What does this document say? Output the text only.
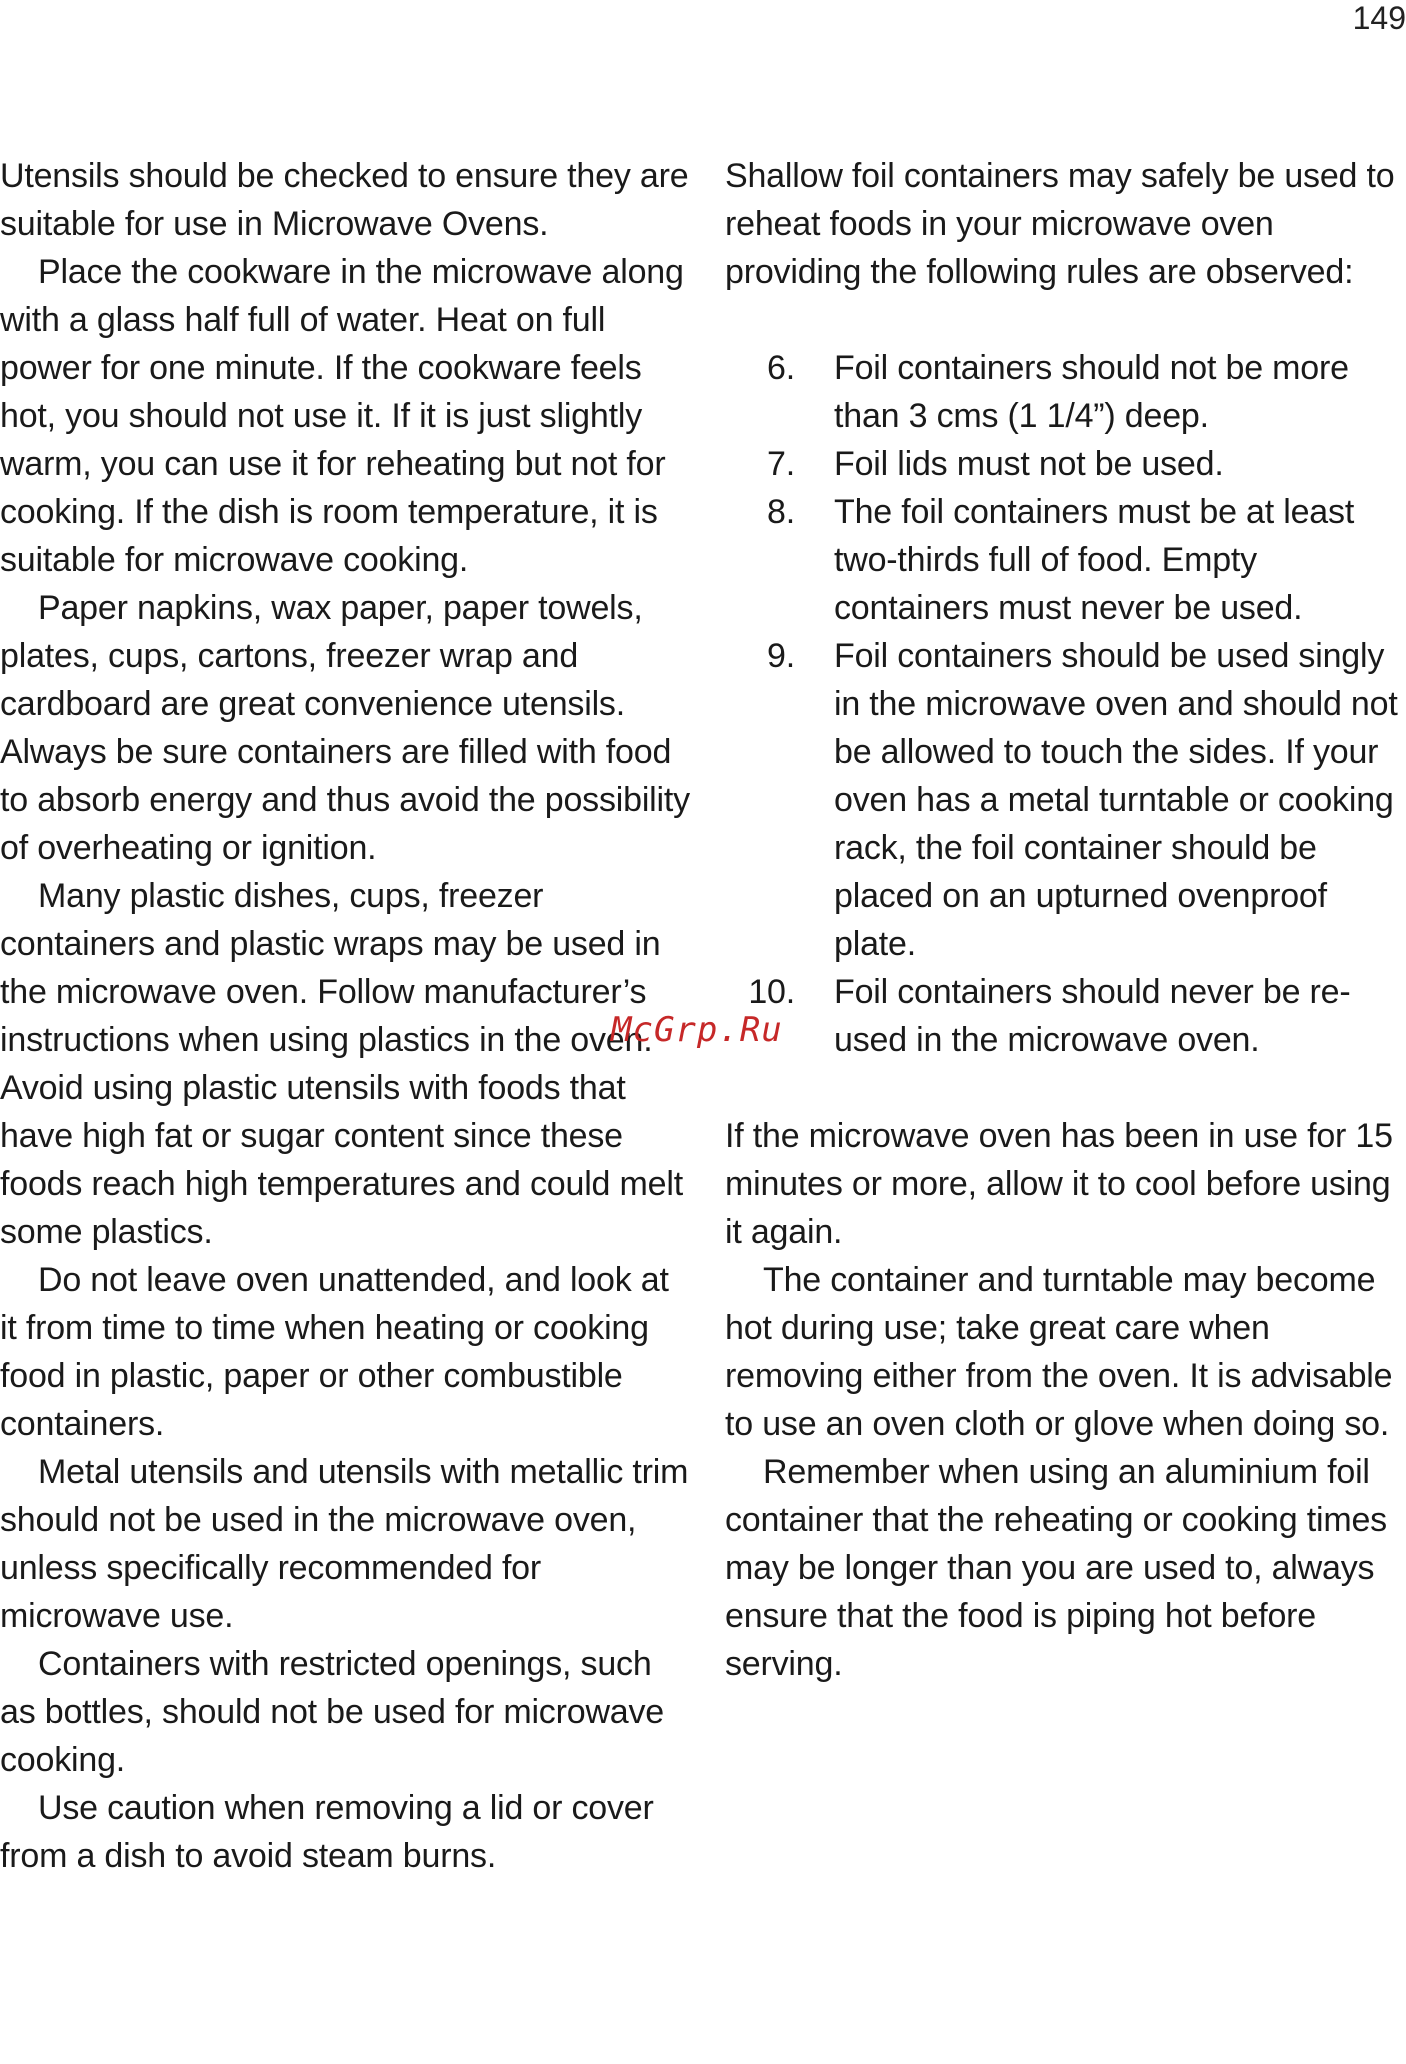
149

Utensils should be checked to ensure they are suitable for use in Microwave Ovens.

Place the cookware in the microwave along with a glass half full of water. Heat on full power for one minute. If the cookware feels hot, you should not use it. If it is just slightly warm, you can use it for reheating but not for cooking. If the dish is room temperature, it is suitable for microwave cooking.

Paper napkins, wax paper, paper towels, plates, cups, cartons, freezer wrap and cardboard are great convenience utensils. Always be sure containers are filled with food to absorb energy and thus avoid the possibility of overheating or ignition.

Many plastic dishes, cups, freezer containers and plastic wraps may be used in the microwave oven. Follow manufacturer’s instructions when using plastics in the oven. Avoid using plastic utensils with foods that have high fat or sugar content since these foods reach high temperatures and could melt some plastics.

Do not leave oven unattended, and look at it from time to time when heating or cooking food in plastic, paper or other combustible containers.

Metal utensils and utensils with metallic trim should not be used in the microwave oven, unless specifically recommended for microwave use.

Containers with restricted openings, such as bottles, should not be used for microwave cooking.

Use caution when removing a lid or cover from a dish to avoid steam burns.

Shallow foil containers may safely be used to reheat foods in your microwave oven providing the following rules are observed:

6. Foil containers should not be more than 3 cms (1 1/4”) deep.
7. Foil lids must not be used.
8. The foil containers must be at least two-thirds full of food. Empty containers must never be used.
9. Foil containers should be used singly in the microwave oven and should not be allowed to touch the sides. If your oven has a metal turntable or cooking rack, the foil container should be placed on an upturned ovenproof plate.
10. Foil containers should never be re-used in the microwave oven.

If the microwave oven has been in use for 15 minutes or more, allow it to cool before using it again.

The container and turntable may become hot during use; take great care when removing either from the oven. It is advisable to use an oven cloth or glove when doing so.

Remember when using an aluminium foil container that the reheating or cooking times may be longer than you are used to, always ensure that the food is piping hot before serving.

McGrp.Ru
